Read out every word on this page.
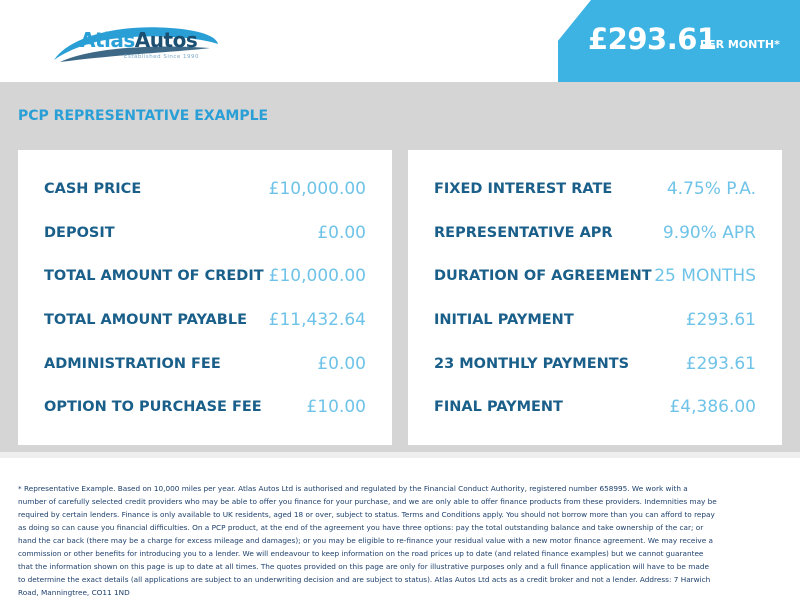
AtlasAutos
Established Since 1990
£293.61
PER MONTH*
PCP REPRESENTATIVE EXAMPLE
CASH PRICE	£10,000.00
DEPOSIT	£0.00
TOTAL AMOUNT OF CREDIT £10,000.00
TOTAL AMOUNT PAYABLE £11,432.64
ADMINISTRATION FEE	£0.00
OPTION TO PURCHASE FEE	£10.00
FIXED INTEREST RATE	4.75% P.A.
REPRESENTATIVE APR	9.90% APR
DURATION OF AGREEMENT 25 MONTHS
INITIAL PAYMENT	£293.61
23 MONTHLY PAYMENTS	£293.61
FINAL PAYMENT	£4,386.00

* Representative Example. Based on 10,000 miles per year. Atlas Autos Ltd is authorised and regulated by the Financial Conduct Authority, registered number 658995. We work with a number of carefully selected credit providers who may be able to offer you finance for your purchase, and we are only able to offer finance products from these providers. Indemnities may be required by certain lenders. Finance is only available to UK residents, aged 18 or over, subject to status. Terms and Conditions apply. You should not borrow more than you can afford to repay as doing so can cause you financial difficulties. On a PCP product, at the end of the agreement you have three options: pay the total outstanding balance and take ownership of the car; or hand the car back (there may be a charge for excess mileage and damages); or you may be eligible to re-finance your residual value with a new motor finance agreement. We may receive a commission or other benefits for introducing you to a lender. We will endeavour to keep information on the road prices up to date (and related finance examples) but we cannot guarantee that the information shown on this page is up to date at all times. The quotes provided on this page are only for illustrative purposes only and a full finance application will have to be made to determine the exact details (all applications are subject to an underwriting decision and are subject to status). Atlas Autos Ltd acts as a credit broker and not a lender. Address: 7 Harwich Road, Manningtree, CO11 1ND
